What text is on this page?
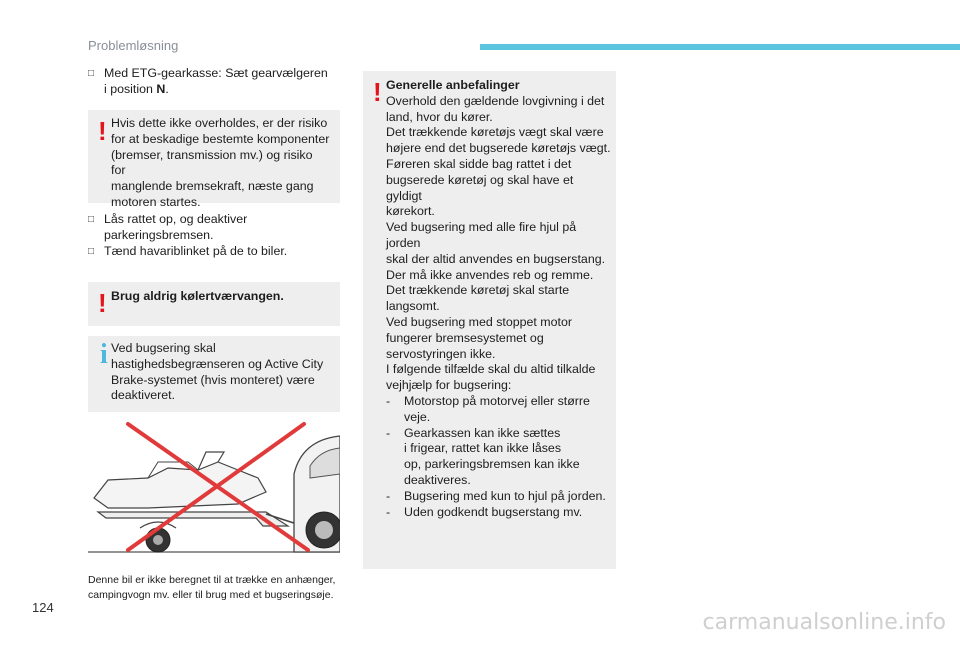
Problemløsning
□ Med ETG-gearkasse: Sæt gearvælgeren
i position N.
! Hvis dette ikke overholdes, er der risiko
for at beskadige bestemte komponenter
(bremser, transmission mv.) og risiko for
manglende bremsekraft, næste gang
motoren startes.
□ Lås rattet op, og deaktiver
parkeringsbremsen.
□ Tænd havariblinket på de to biler.
! Brug aldrig kølertværvangen.
i Ved bugsering skal
hastighedsbegrænseren og Active City
Brake-systemet (hvis monteret) være
deaktiveret.
Denne bil er ikke beregnet til at trække en anhænger,
campingvogn mv. eller til brug med et bugseringsøje.
! Generelle anbefalinger
Overhold den gældende lovgivning i det
land, hvor du kører.
Det trækkende køretøjs vægt skal være
højere end det bugserede køretøjs vægt.
Føreren skal sidde bag rattet i det
bugserede køretøj og skal have et gyldigt
kørekort.
Ved bugsering med alle fire hjul på jorden
skal der altid anvendes en bugserstang.
Der må ikke anvendes reb og remme.
Det trækkende køretøj skal starte
langsomt.
Ved bugsering med stoppet motor
fungerer bremsesystemet og
servostyringen ikke.
I følgende tilfælde skal du altid tilkalde
vejhjælp for bugsering:
- Motorstop på motorvej eller større veje.
- Gearkassen kan ikke sættes
i frigear, rattet kan ikke låses
op, parkeringsbremsen kan ikke
deaktiveres.
- Bugsering med kun to hjul på jorden.
- Uden godkendt bugserstang mv.
124
carmanualsonline.info
